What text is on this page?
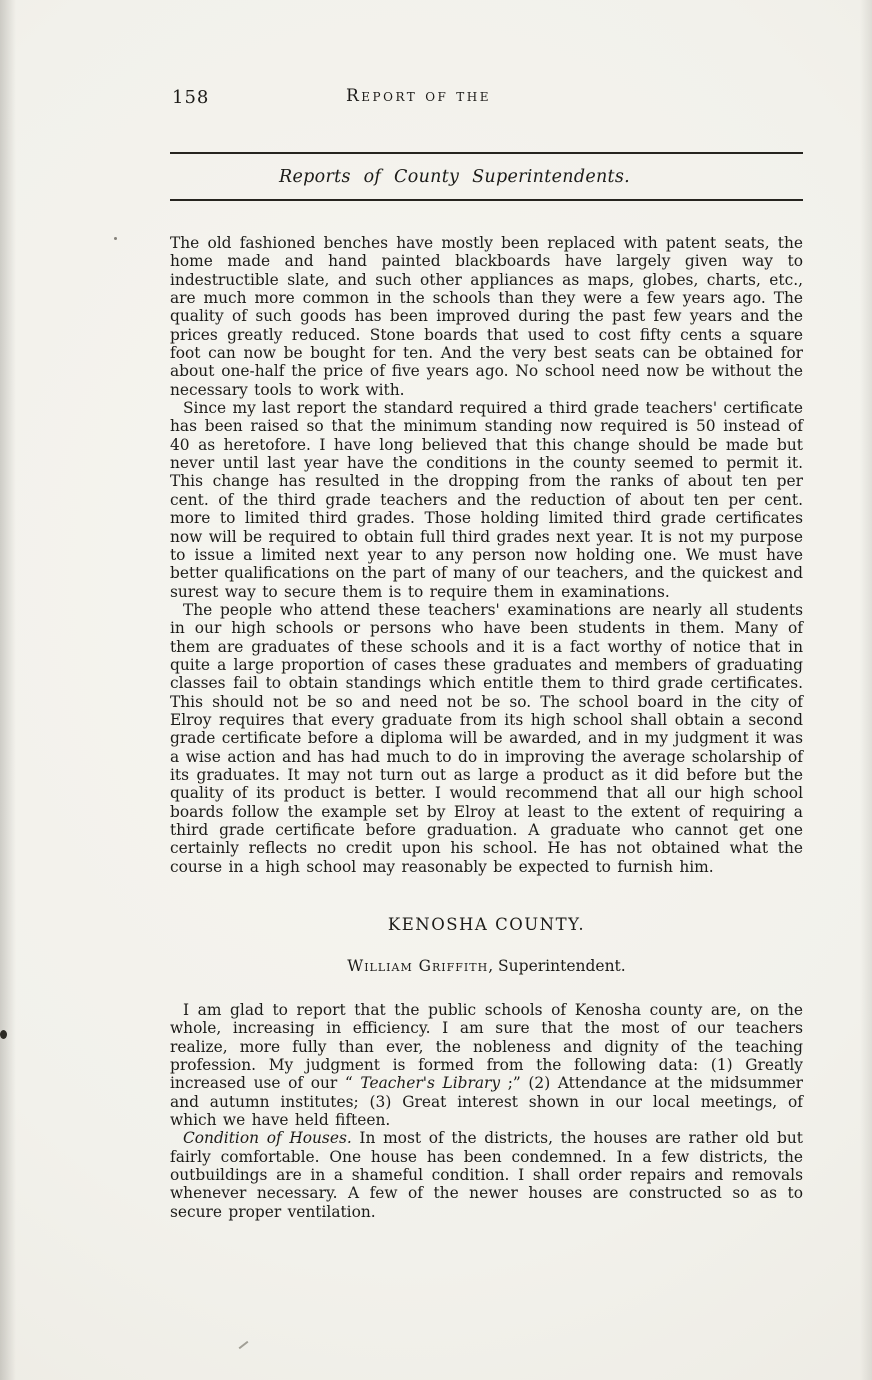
158	Report of the
Reports of County Superintendents.

The old fashioned benches have mostly been replaced with patent seats, the home made and hand painted blackboards have largely given way to indestructible slate, and such other appliances as maps, globes, charts, etc., are much more common in the schools than they were a few years ago. The quality of such goods has been improved during the past few years and the prices greatly reduced. Stone boards that used to cost fifty cents a square foot can now be bought for ten. And the very best seats can be obtained for about one-half the price of five years ago. No school need now be without the necessary tools to work with.

Since my last report the standard required a third grade teachers' certificate has been raised so that the minimum standing now required is 50 instead of 40 as heretofore. I have long believed that this change should be made but never until last year have the conditions in the county seemed to permit it. This change has resulted in the dropping from the ranks of about ten per cent. of the third grade teachers and the reduction of about ten per cent. more to limited third grades. Those holding limited third grade certificates now will be required to obtain full third grades next year. It is not my purpose to issue a limited next year to any person now holding one. We must have better qualifications on the part of many of our teachers, and the quickest and surest way to secure them is to require them in examinations.

The people who attend these teachers' examinations are nearly all students in our high schools or persons who have been students in them. Many of them are graduates of these schools and it is a fact worthy of notice that in quite a large proportion of cases these graduates and members of graduating classes fail to obtain standings which entitle them to third grade certificates. This should not be so and need not be so. The school board in the city of Elroy requires that every graduate from its high school shall obtain a second grade certificate before a diploma will be awarded, and in my judgment it was a wise action and has had much to do in improving the average scholarship of its graduates. It may not turn out as large a product as it did before but the quality of its product is better. I would recommend that all our high school boards follow the example set by Elroy at least to the extent of requiring a third grade certificate before graduation. A graduate who cannot get one certainly reflects no credit upon his school. He has not obtained what the course in a high school may reasonably be expected to furnish him.

KENOSHA COUNTY.

William Griffith, Superintendent.

I am glad to report that the public schools of Kenosha county are, on the whole, increasing in efficiency. I am sure that the most of our teachers realize, more fully than ever, the nobleness and dignity of the teaching profession. My judgment is formed from the following data: (1) Greatly increased use of our “ Teacher's Library ;” (2) Attendance at the midsummer and autumn institutes; (3) Great interest shown in our local meetings, of which we have held fifteen.

Condition of Houses. In most of the districts, the houses are rather old but fairly comfortable. One house has been condemned. In a few districts, the outbuildings are in a shameful condition. I shall order repairs and removals whenever necessary. A few of the newer houses are constructed so as to secure proper ventilation.
